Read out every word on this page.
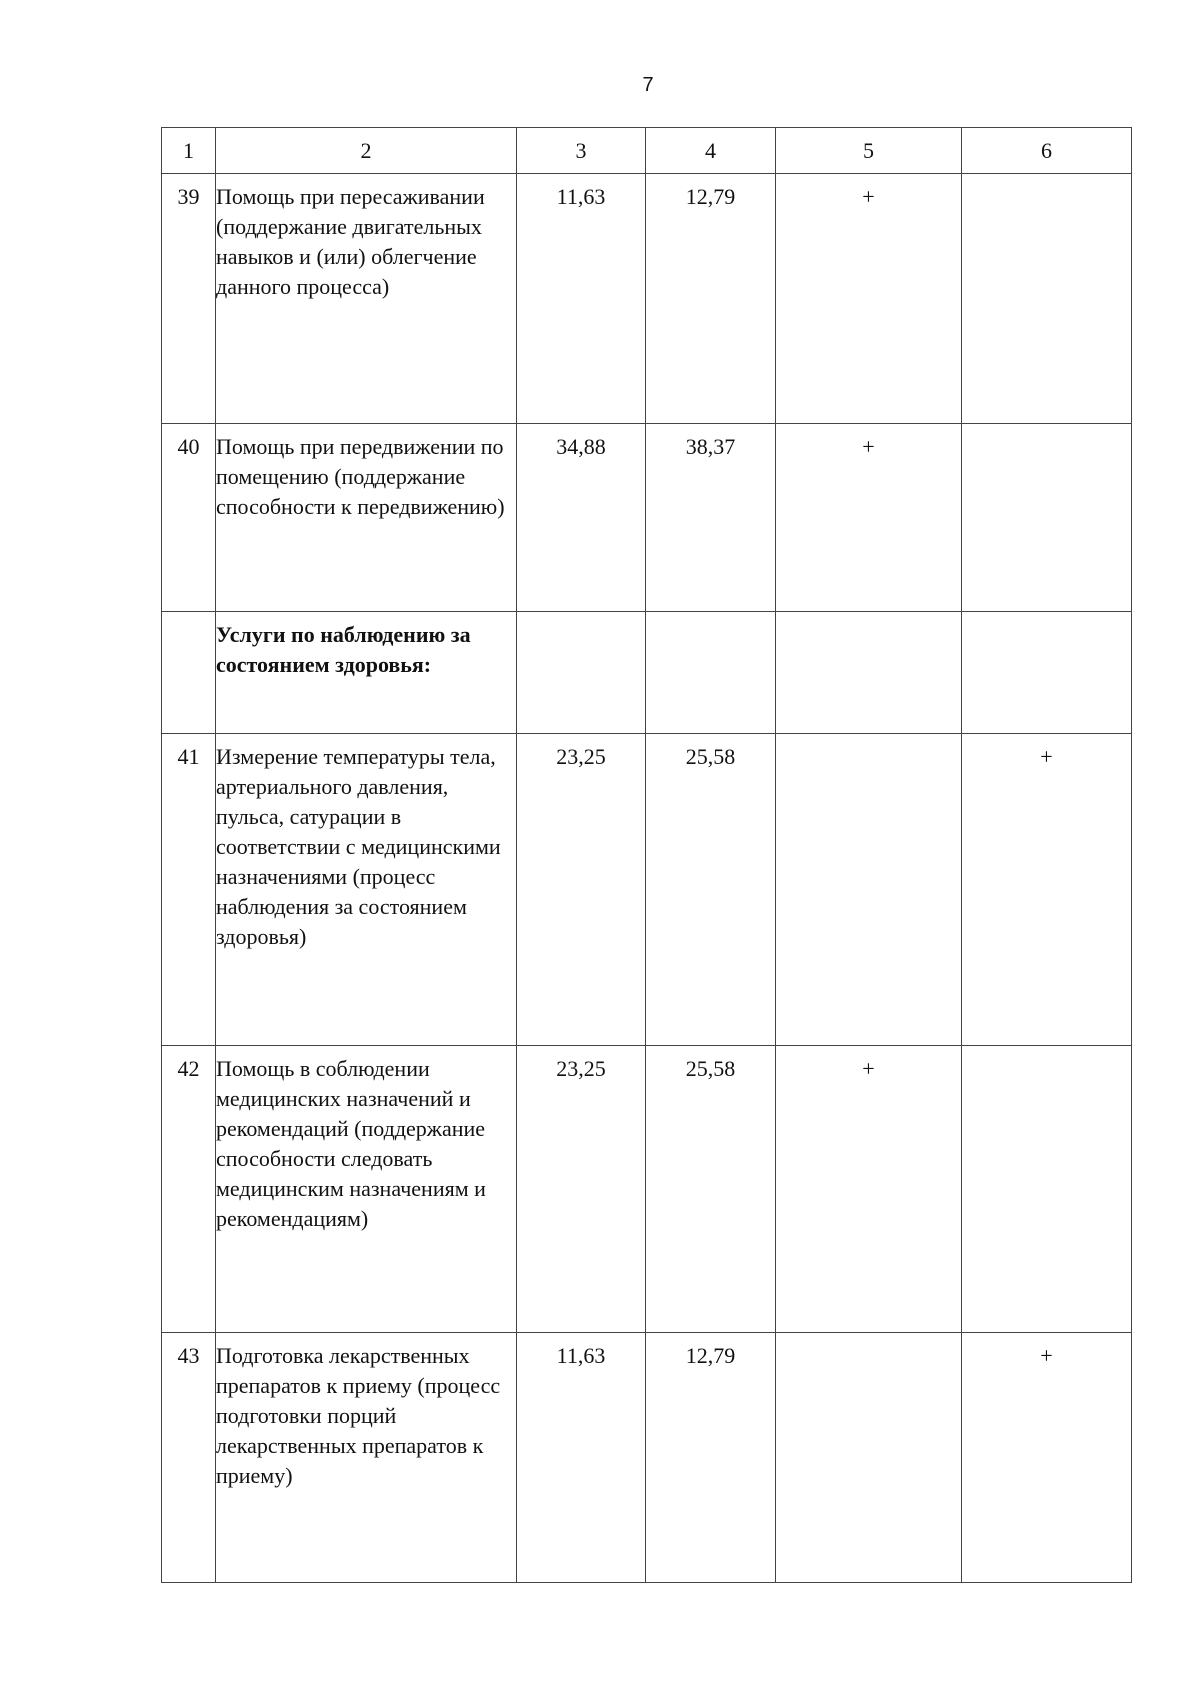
7
1	2	3	4	5	6
39	Помощь при пересаживании (поддержание двигательных навыков и (или) облегчение данного процесса)	11,63	12,79	+	
40	Помощь при передвижении по помещению (поддержание способности к передвижению)	34,88	38,37	+	
	Услуги по наблюдению за состоянием здоровья:				
41	Измерение температуры тела, артериального давления, пульса, сатурации в соответствии с медицинскими назначениями (процесс наблюдения за состоянием здоровья)	23,25	25,58		+
42	Помощь в соблюдении медицинских назначений и рекомендаций (поддержание способности следовать медицинским назначениям и рекомендациям)	23,25	25,58	+	
43	Подготовка лекарственных препаратов к приему (процесс подготовки порций лекарственных препаратов к приему)	11,63	12,79		+
